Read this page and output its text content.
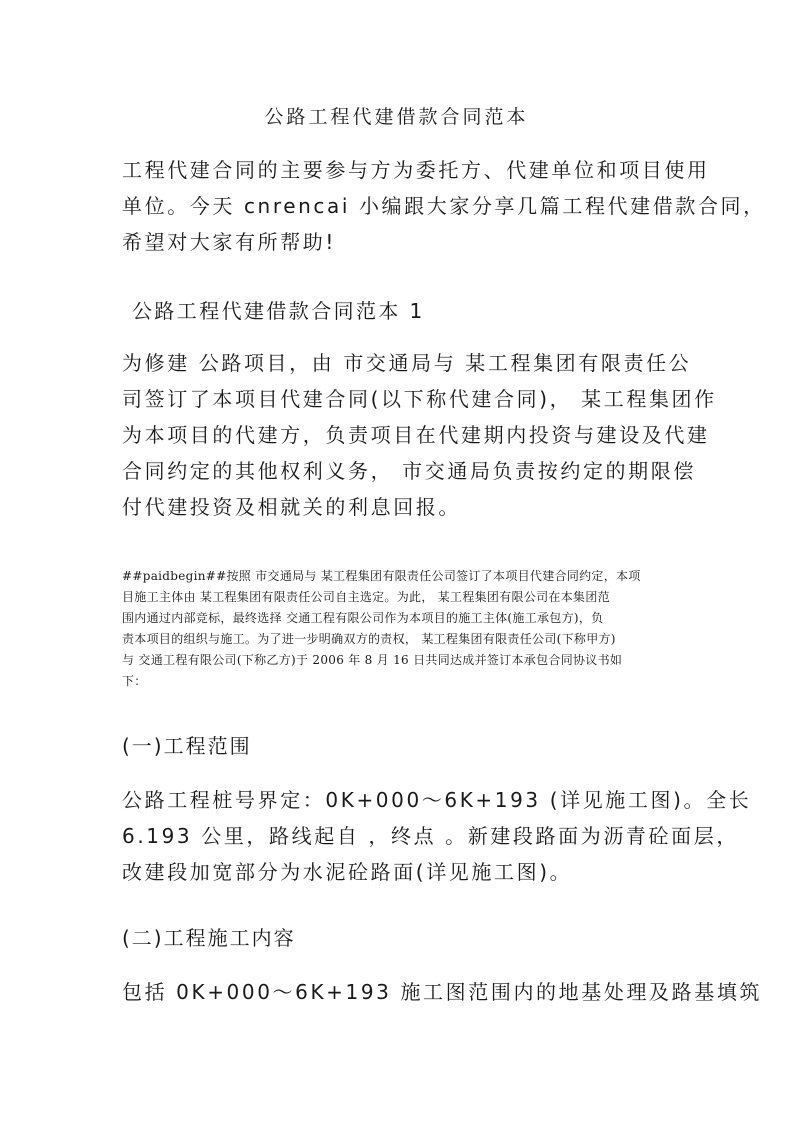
公路工程代建借款合同范本
工程代建合同的主要参与方为委托方、代建单位和项目使用
单位。今天 cnrencai 小编跟大家分享几篇工程代建借款合同，
希望对大家有所帮助!
公路工程代建借款合同范本 1
为修建 公路项目，由 市交通局与 某工程集团有限责任公
司签订了本项目代建合同(以下称代建合同)， 某工程集团作
为本项目的代建方，负责项目在代建期内投资与建设及代建
合同约定的其他权利义务， 市交通局负责按约定的期限偿
付代建投资及相就关的利息回报。
##paidbegin##按照 市交通局与 某工程集团有限责任公司签订了本项目代建合同约定，本项
目施工主体由 某工程集团有限责任公司自主选定。为此， 某工程集团有限公司在本集团范
围内通过内部竞标，最终选择 交通工程有限公司作为本项目的施工主体(施工承包方)，负
责本项目的组织与施工。为了进一步明确双方的责权， 某工程集团有限责任公司(下称甲方)
与 交通工程有限公司(下称乙方)于 2006 年 8 月 16 日共同达成并签订本承包合同协议书如
下：
(一)工程范围
公路工程桩号界定：0K+000～6K+193 (详见施工图)。全长
6.193 公里，路线起自 ，终点 。新建段路面为沥青砼面层，
改建段加宽部分为水泥砼路面(详见施工图)。
(二)工程施工内容
包括 0K+000～6K+193 施工图范围内的地基处理及路基填筑
